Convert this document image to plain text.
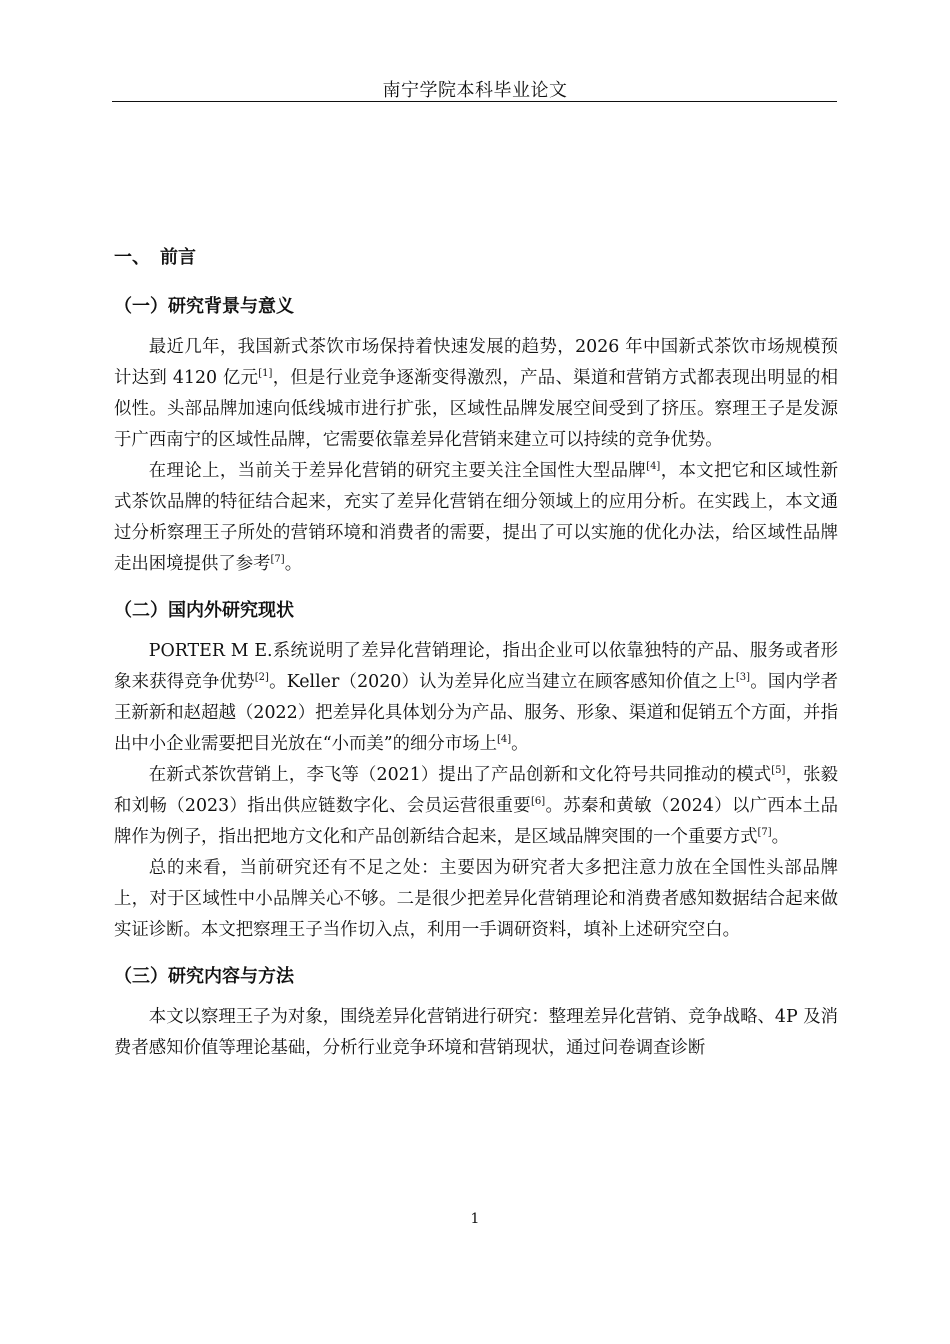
南宁学院本科毕业论文
一、 前言
（一）研究背景与意义

最近几年，我国新式茶饮市场保持着快速发展的趋势，2026 年中国新式茶饮市场规模预计达到 4120 亿元[1]，但是行业竞争逐渐变得激烈，产品、渠道和营销方式都表现出明显的相似性。头部品牌加速向低线城市进行扩张，区域性品牌发展空间受到了挤压。察理王子是发源于广西南宁的区域性品牌，它需要依靠差异化营销来建立可以持续的竞争优势。

在理论上，当前关于差异化营销的研究主要关注全国性大型品牌[4]，本文把它和区域性新式茶饮品牌的特征结合起来，充实了差异化营销在细分领域上的应用分析。在实践上，本文通过分析察理王子所处的营销环境和消费者的需要，提出了可以实施的优化办法，给区域性品牌走出困境提供了参考[7]。

（二）国内外研究现状

PORTER M E.系统说明了差异化营销理论，指出企业可以依靠独特的产品、服务或者形象来获得竞争优势[2]。Keller（2020）认为差异化应当建立在顾客感知价值之上[3]。国内学者王新新和赵超越（2022）把差异化具体划分为产品、服务、形象、渠道和促销五个方面，并指出中小企业需要把目光放在“小而美”的细分市场上[4]。

在新式茶饮营销上，李飞等（2021）提出了产品创新和文化符号共同推动的模式[5]，张毅和刘畅（2023）指出供应链数字化、会员运营很重要[6]。苏秦和黄敏（2024）以广西本土品牌作为例子，指出把地方文化和产品创新结合起来，是区域品牌突围的一个重要方式[7]。

总的来看，当前研究还有不足之处：主要因为研究者大多把注意力放在全国性头部品牌上，对于区域性中小品牌关心不够。二是很少把差异化营销理论和消费者感知数据结合起来做实证诊断。本文把察理王子当作切入点，利用一手调研资料，填补上述研究空白。

（三）研究内容与方法

本文以察理王子为对象，围绕差异化营销进行研究：整理差异化营销、竞争战略、4P 及消费者感知价值等理论基础，分析行业竞争环境和营销现状，通过问卷调查诊断

1
